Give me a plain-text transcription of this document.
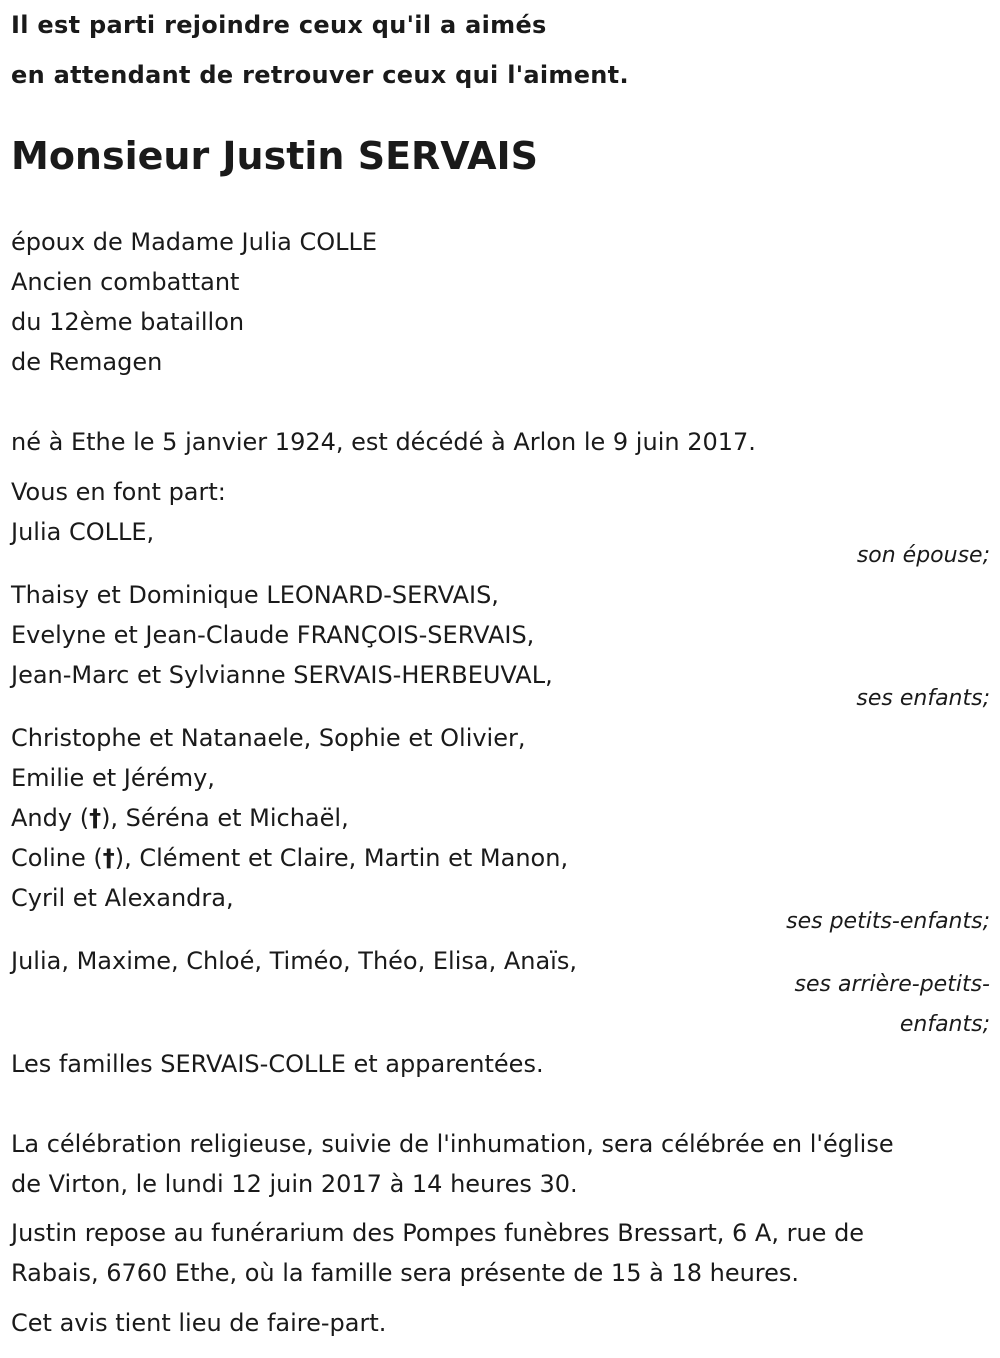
Il est parti rejoindre ceux qu'il a aimés
en attendant de retrouver ceux qui l'aiment.
Monsieur Justin SERVAIS
époux de Madame Julia COLLE
Ancien combattant
du 12ème bataillon
de Remagen
né à Ethe le 5 janvier 1924, est décédé à Arlon le 9 juin 2017.
Vous en font part:
Julia COLLE,
son épouse;
Thaisy et Dominique LEONARD-SERVAIS,
Evelyne et Jean-Claude FRANÇOIS-SERVAIS,
Jean-Marc et Sylvianne SERVAIS-HERBEUVAL,
ses enfants;
Christophe et Natanaele, Sophie et Olivier,
Emilie et Jérémy,
Andy (†), Séréna et Michaël,
Coline (†), Clément et Claire, Martin et Manon,
Cyril et Alexandra,
ses petits-enfants;
Julia, Maxime, Chloé, Timéo, Théo, Elisa, Anaïs,
ses arrière-petits-
enfants;
Les familles SERVAIS-COLLE et apparentées.
La célébration religieuse, suivie de l'inhumation, sera célébrée en l'église
de Virton, le lundi 12 juin 2017 à 14 heures 30.
Justin repose au funérarium des Pompes funèbres Bressart, 6 A, rue de
Rabais, 6760 Ethe, où la famille sera présente de 15 à 18 heures.
Cet avis tient lieu de faire-part.
